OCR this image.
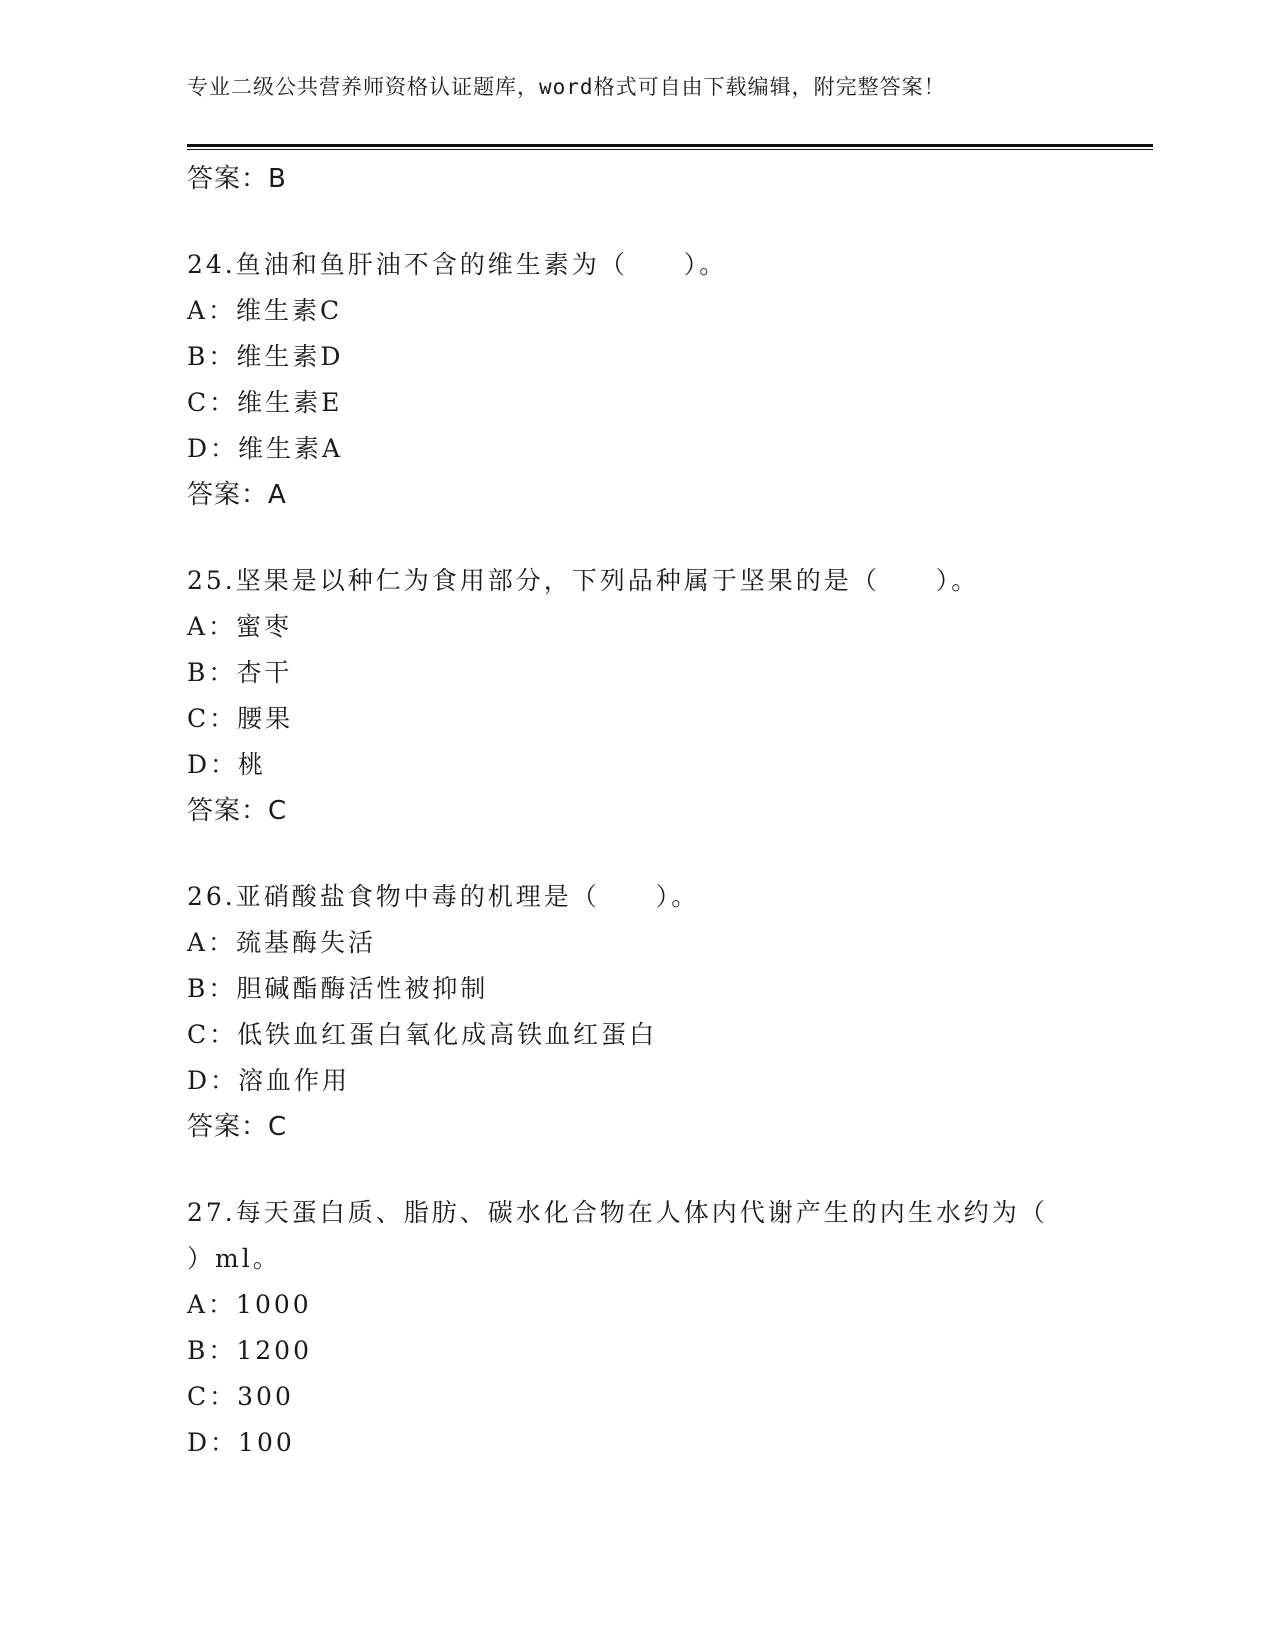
专业二级公共营养师资格认证题库，word格式可自由下载编辑，附完整答案！
答案：B
24.鱼油和鱼肝油不含的维生素为（　　）。
A：维生素C
B：维生素D
C：维生素E
D：维生素A
答案：A
25.坚果是以种仁为食用部分，下列品种属于坚果的是（　　）。
A：蜜枣
B：杏干
C：腰果
D：桃
答案：C
26.亚硝酸盐食物中毒的机理是（　　）。
A：巯基酶失活
B：胆碱酯酶活性被抑制
C：低铁血红蛋白氧化成高铁血红蛋白
D：溶血作用
答案：C
27.每天蛋白质、脂肪、碳水化合物在人体内代谢产生的内生水约为（
）ml。
A：1000
B：1200
C：300
D：100
